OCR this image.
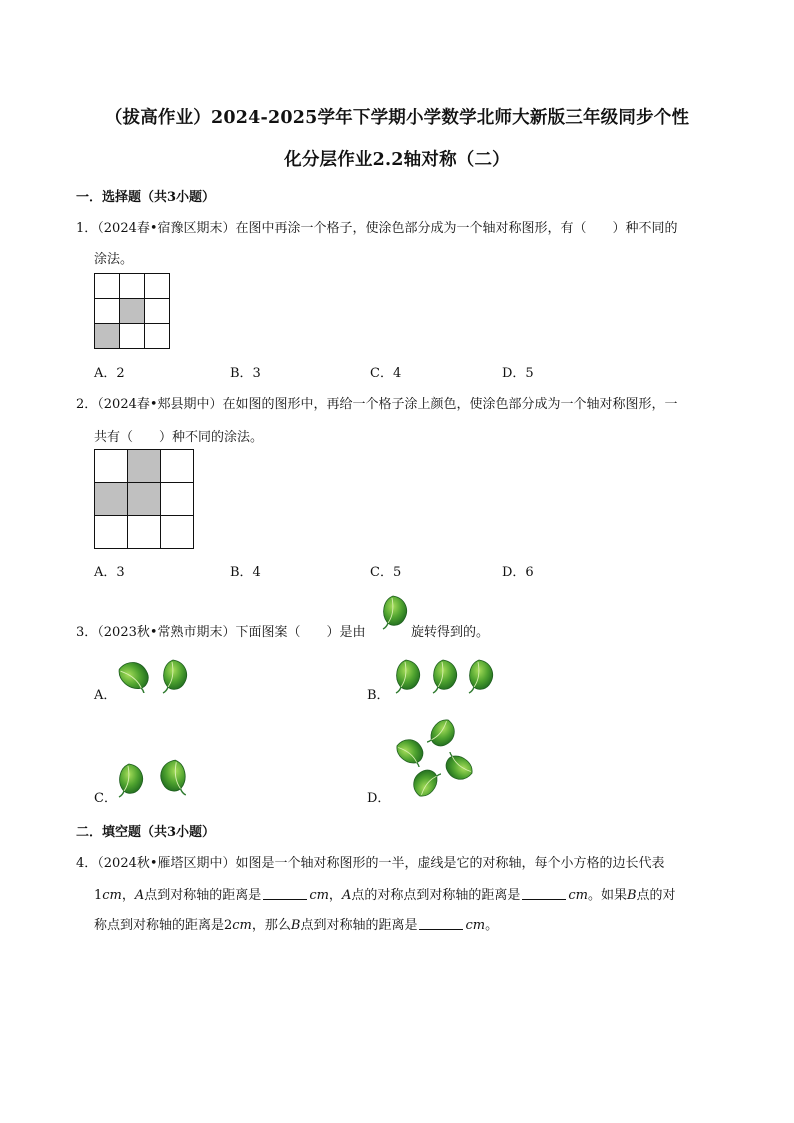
（拔高作业）2024-2025学年下学期小学数学北师大新版三年级同步个性
化分层作业2.2轴对称（二）
一．选择题（共3小题）
1．（2024春•宿豫区期末）在图中再涂一个格子，使涂色部分成为一个轴对称图形，有（　　）种不同的
涂法。

A．2	B．3	C．4	D．5
2．（2024春•郏县期中）在如图的图形中，再给一个格子涂上颜色，使涂色部分成为一个轴对称图形，一
共有（　　）种不同的涂法。

A．3	B．4	C．5	D．6
3．（2023秋•常熟市期末）下面图案（　　）是由	旋转得到的。
A．	B．
C．	D．
二．填空题（共3小题）
4．（2024秋•雁塔区期中）如图是一个轴对称图形的一半，虚线是它的对称轴，每个小方格的边长代表
1cm，A点到对称轴的距离是	cm，A点的对称点到对称轴的距离是	cm。如果B点的对
称点到对称轴的距离是2cm，那么B点到对称轴的距离是	cm。
